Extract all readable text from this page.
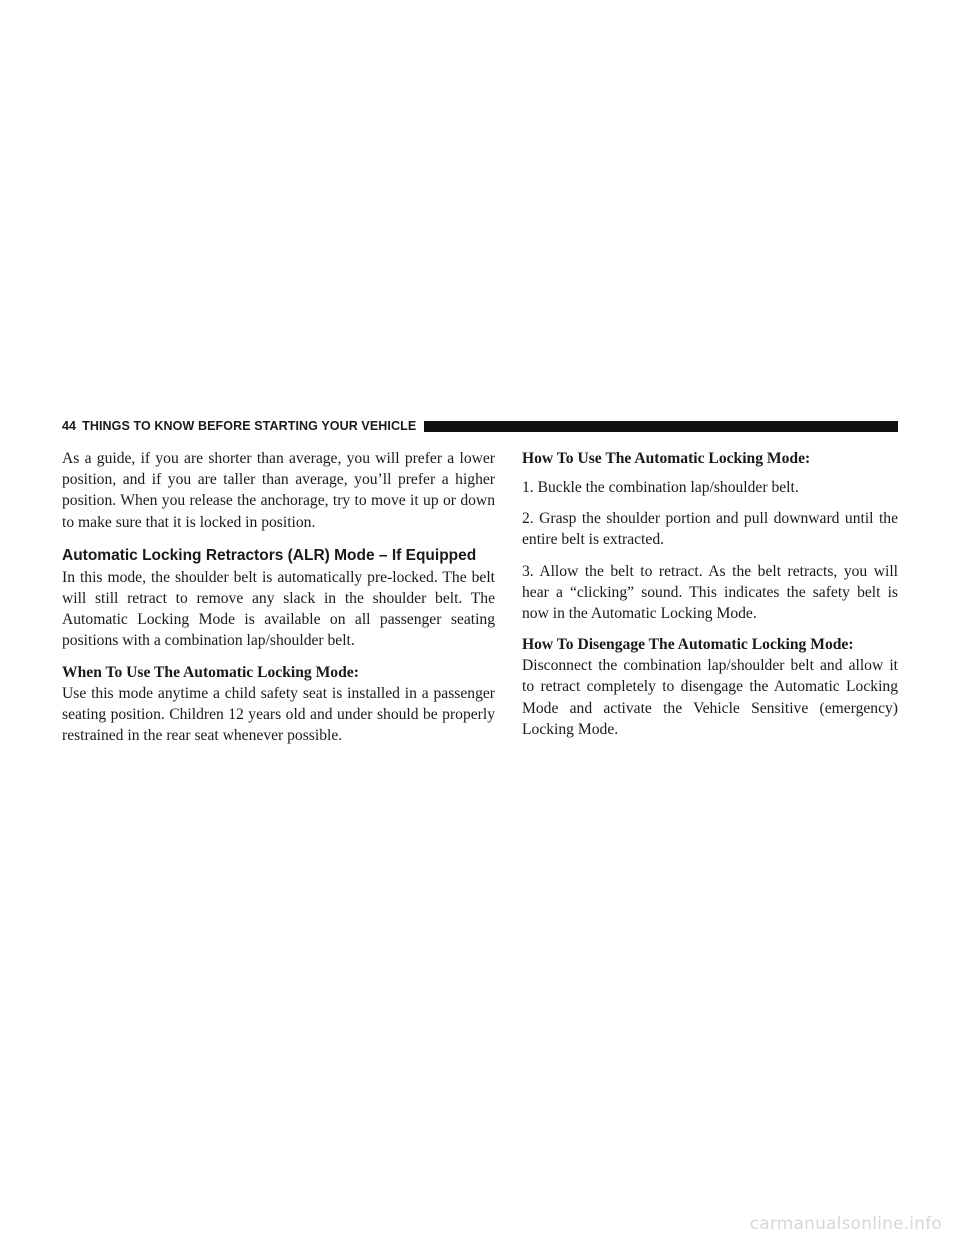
44 THINGS TO KNOW BEFORE STARTING YOUR VEHICLE

As a guide, if you are shorter than average, you will prefer a lower position, and if you are taller than average, you’ll prefer a higher position. When you release the anchorage, try to move it up or down to make sure that it is locked in position.

Automatic Locking Retractors (ALR) Mode – If Equipped

In this mode, the shoulder belt is automatically pre-locked. The belt will still retract to remove any slack in the shoulder belt. The Automatic Locking Mode is available on all passenger seating positions with a combination lap/shoulder belt.

When To Use The Automatic Locking Mode:

Use this mode anytime a child safety seat is installed in a passenger seating position. Children 12 years old and under should be properly restrained in the rear seat whenever possible.

How To Use The Automatic Locking Mode:

1. Buckle the combination lap/shoulder belt.

2. Grasp the shoulder portion and pull downward until the entire belt is extracted.

3. Allow the belt to retract. As the belt retracts, you will hear a “clicking” sound. This indicates the safety belt is now in the Automatic Locking Mode.

How To Disengage The Automatic Locking Mode:

Disconnect the combination lap/shoulder belt and allow it to retract completely to disengage the Automatic Locking Mode and activate the Vehicle Sensitive (emergency) Locking Mode.

carmanualsonline.info
